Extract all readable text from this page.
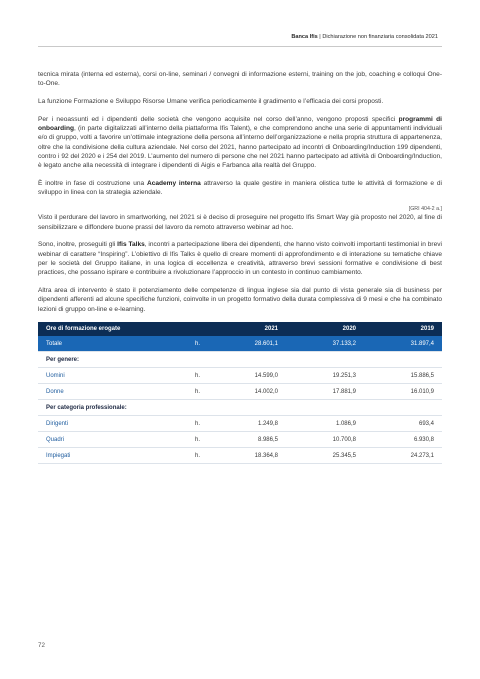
Banca Ifis | Dichiarazione non finanziaria consolidata 2021

tecnica mirata (interna ed esterna), corsi on-line, seminari / convegni di informazione esterni, training on the job, coaching e colloqui One-to-One.

La funzione Formazione e Sviluppo Risorse Umane verifica periodicamente il gradimento e l’efficacia dei corsi proposti.

Per i neoassunti ed i dipendenti delle società che vengono acquisite nel corso dell’anno, vengono proposti specifici programmi di onboarding, (in parte digitalizzati all’interno della piattaforma Ifis Talent), e che comprendono anche una serie di appuntamenti individuali e/o di gruppo, volti a favorire un’ottimale integrazione della persona all’interno dell’organizzazione e nella propria struttura di appartenenza, oltre che la condivisione della cultura aziendale. Nel corso del 2021, hanno partecipato ad incontri di Onboarding/Induction 199 dipendenti, contro i 92 del 2020 e i 254 del 2019. L’aumento del numero di persone che nel 2021 hanno partecipato ad attività di Onboarding/Induction, è legato anche alla necessità di integrare i dipendenti di Aigis e Farbanca alla realtà del Gruppo.

È inoltre in fase di costruzione una Academy interna attraverso la quale gestire in maniera olistica tutte le attività di formazione e di sviluppo in linea con la strategia aziendale.

[GRI 404-2 a.]

Visto il perdurare del lavoro in smartworking, nel 2021 si è deciso di proseguire nel progetto Ifis Smart Way già proposto nel 2020, al fine di sensibilizzare e diffondere buone prassi del lavoro da remoto attraverso webinar ad hoc.

Sono, inoltre, proseguiti gli Ifis Talks, incontri a partecipazione libera dei dipendenti, che hanno visto coinvolti importanti testimonial in brevi webinar di carattere “Inspiring”. L’obiettivo di Ifis Talks è quello di creare momenti di approfondimento e di interazione su tematiche chiave per le società del Gruppo italiane, in una logica di eccellenza e creatività, attraverso brevi sessioni formative e condivisione di best practices, che possano ispirare e contribuire a rivoluzionare l’approccio in un contesto in continuo cambiamento.

Altra area di intervento è stato il potenziamento delle competenze di lingua inglese sia dal punto di vista generale sia di business per dipendenti afferenti ad alcune specifiche funzioni, coinvolte in un progetto formativo della durata complessiva di 9 mesi e che ha combinato lezioni di gruppo on-line e e-learning.

Ore di formazione erogate		2021	2020	2019
Totale	h.	28.601,1	37.133,2	31.897,4
Per genere:				
Uomini	h.	14.599,0	19.251,3	15.886,5
Donne	h.	14.002,0	17.881,9	16.010,9
Per categoria professionale:				
Dirigenti	h.	1.249,8	1.086,9	693,4
Quadri	h.	8.986,5	10.700,8	6.930,8
Impiegati	h.	18.364,8	25.345,5	24.273,1
72
